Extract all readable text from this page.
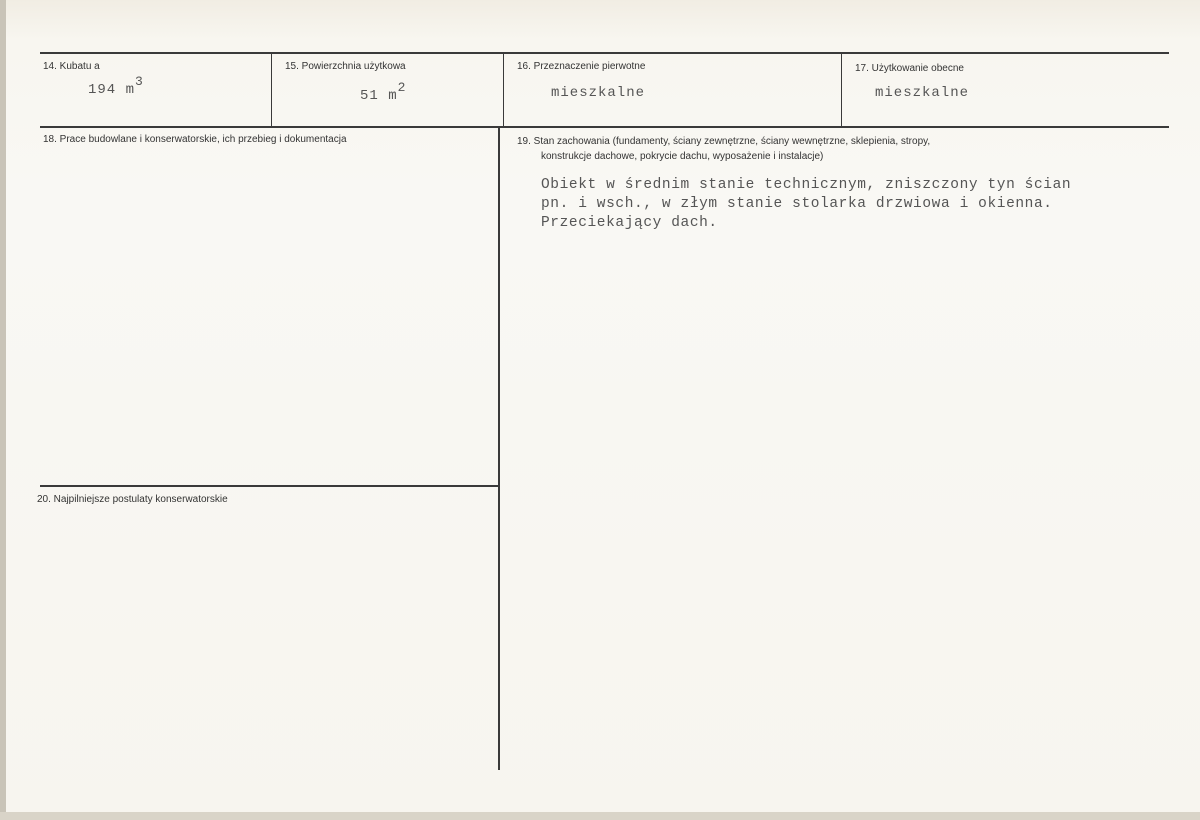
14. Kubatu a
194 m3
15. Powierzchnia użytkowa
51 m2
16. Przeznaczenie pierwotne
mieszkalne
17. Użytkowanie obecne
mieszkalne
18. Prace budowlane i konserwatorskie, ich przebieg i dokumentacja	19. Stan zachowania (fundamenty, ściany zewnętrzne, ściany wewnętrzne, sklepienia, stropy,
konstrukcje dachowe, pokrycie dachu, wyposażenie i instalacje)
Obiekt w średnim stanie technicznym, zniszczony tyn ścian
pn. i wsch., w złym stanie stolarka drzwiowa i okienna.
Przeciekający dach.
20. Najpilniejsze postulaty konserwatorskie
